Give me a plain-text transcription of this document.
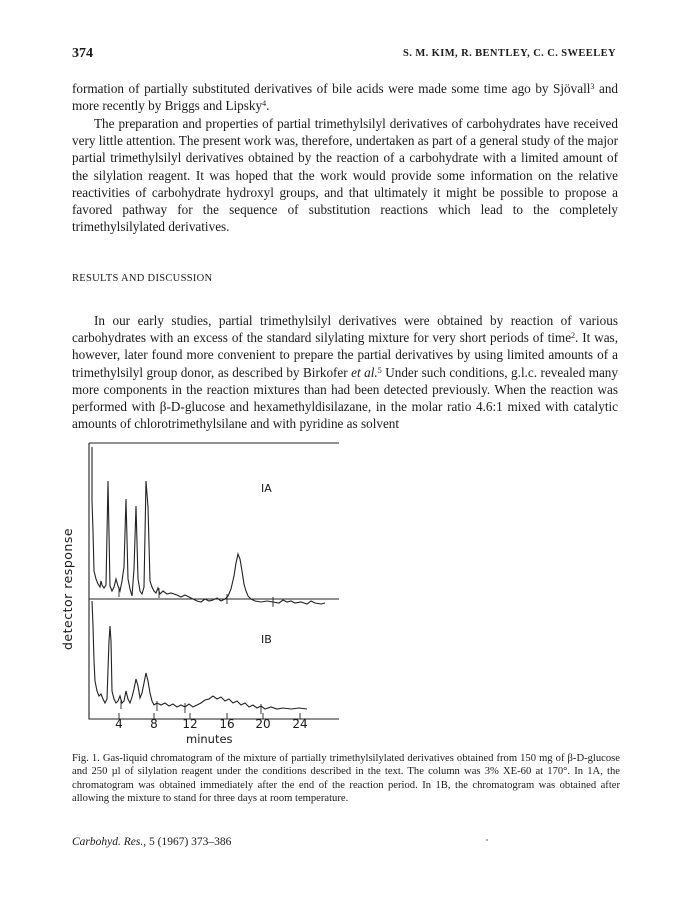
374	S. M. KIM, R. BENTLEY, C. C. SWEELEY

formation of partially substituted derivatives of bile acids were made some time ago by Sjövall$^3$ and more recently by Briggs and Lipsky$^4$.

The preparation and properties of partial trimethylsilyl derivatives of carbohydrates have received very little attention. The present work was, therefore, undertaken as part of a general study of the major partial trimethylsilyl derivatives obtained by the reaction of a carbohydrate with a limited amount of the silylation reagent. It was hoped that the work would provide some information on the relative reactivities of carbohydrate hydroxyl groups, and that ultimately it might be possible to propose a favored pathway for the sequence of substitution reactions which lead to the completely trimethylsilylated derivatives.

RESULTS AND DISCUSSION

In our early studies, partial trimethylsilyl derivatives were obtained by reaction of various carbohydrates with an excess of the standard silylating mixture for very short periods of time$^2$. It was, however, later found more convenient to prepare the partial derivatives by using limited amounts of a trimethylsilyl group donor, as described by Birkofer et al.$^5$ Under such conditions, g.l.c. revealed many more components in the reaction mixtures than had been detected previously. When the reaction was performed with β-D-glucose and hexamethyldisilazane, in the molar ratio 4.6:1 mixed with catalytic amounts of chlorotrimethylsilane and with pyridine as solvent

detector response
IA
IB
4	8	12	16	20	24
minutes

Fig. 1. Gas-liquid chromatogram of the mixture of partially trimethylsilylated derivatives obtained from 150 mg of β-D-glucose and 250 µl of silylation reagent under the conditions described in the text. The column was 3% XE-60 at 170°. In 1A, the chromatogram was obtained immediately after the end of the reaction period. In 1B, the chromatogram was obtained after allowing the mixture to stand for three days at room temperature.

Carbohyd. Res., 5 (1967) 373–386
